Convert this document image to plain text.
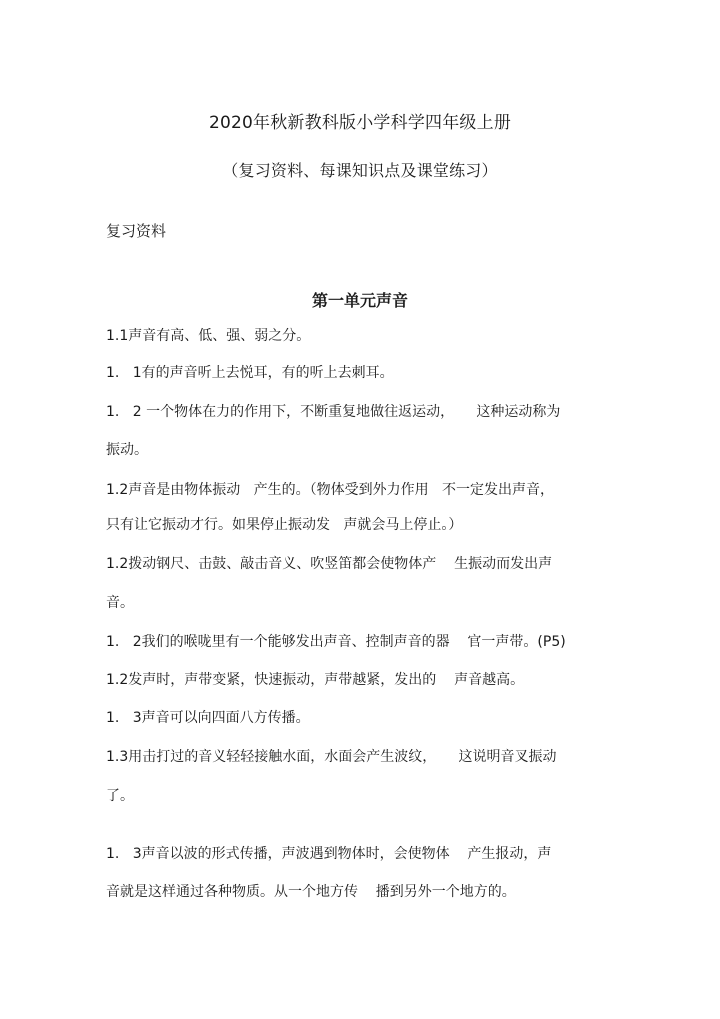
2020年秋新教科版小学科学四年级上册
（复习资料、每课知识点及课堂练习）
复习资料
第一单元声音
1.1声音有高、低、强、弱之分。
1.   1有的声音听上去悦耳，有的听上去刺耳。
1.   2 一个物体在力的作用下，不断重复地做往返运动，     这种运动称为
振动。
1.2声音是由物体振动   产生的。（物体受到外力作用   不一定发出声音，
只有让它振动才行。如果停止振动发   声就会马上停止。）
1.2拨动钢尺、击鼓、敲击音义、吹竖笛都会使物体产    生振动而发出声
音。
1.   2我们的喉咙里有一个能够发出声音、控制声音的器    官一声带。(P5)
1.2发声时，声带变紧，快速振动，声带越紧，发出的    声音越高。
1.   3声音可以向四面八方传播。
1.3用击打过的音义轻轻接触水面，水面会产生波纹，     这说明音叉振动
了。
1.   3声音以波的形式传播，声波遇到物体时，会使物体    产生报动，声
音就是这样通过各种物质。从一个地方传    播到另外一个地方的。
